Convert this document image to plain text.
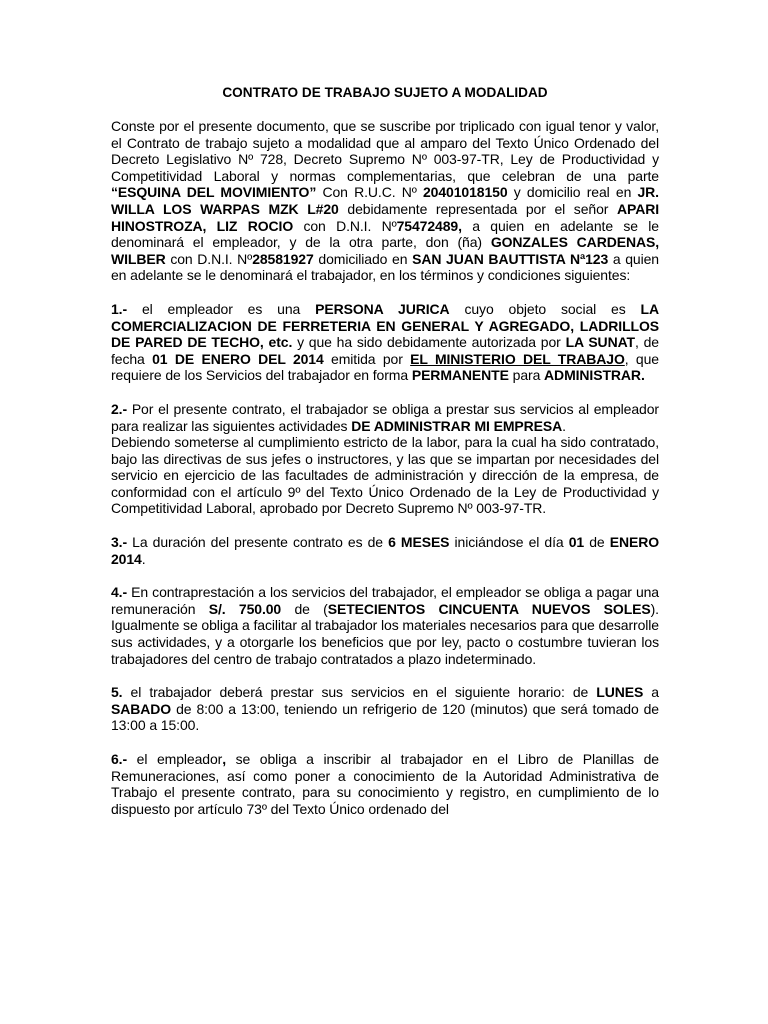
CONTRATO DE TRABAJO SUJETO A MODALIDAD

Conste por el presente documento, que se suscribe por triplicado con igual tenor y valor, el Contrato de trabajo sujeto a modalidad que al amparo del Texto Único Ordenado del Decreto Legislativo Nº 728, Decreto Supremo Nº 003-97-TR, Ley de Productividad y Competitividad Laboral y normas complementarias, que celebran de una parte “ESQUINA DEL MOVIMIENTO” Con R.U.C. Nº 20401018150 y domicilio real en JR. WILLA LOS WARPAS MZK L#20 debidamente representada por el señor APARI HINOSTROZA, LIZ ROCIO con D.N.I. Nº75472489, a quien en adelante se le denominará el empleador, y de la otra parte, don (ña) GONZALES CARDENAS, WILBER con D.N.I. Nº28581927 domiciliado en SAN JUAN BAUTTISTA Nª123 a quien en adelante se le denominará el trabajador, en los términos y condiciones siguientes:

1.- el empleador es una PERSONA JURICA cuyo objeto social es LA COMERCIALIZACION DE FERRETERIA EN GENERAL Y AGREGADO, LADRILLOS DE PARED DE TECHO, etc. y que ha sido debidamente autorizada por LA SUNAT, de fecha 01 DE ENERO DEL 2014 emitida por EL MINISTERIO DEL TRABAJO, que requiere de los Servicios del trabajador en forma PERMANENTE para ADMINISTRAR.

2.- Por el presente contrato, el trabajador se obliga a prestar sus servicios al empleador para realizar las siguientes actividades DE ADMINISTRAR MI EMPRESA.

Debiendo someterse al cumplimiento estricto de la labor, para la cual ha sido contratado, bajo las directivas de sus jefes o instructores, y las que se impartan por necesidades del servicio en ejercicio de las facultades de administración y dirección de la empresa, de conformidad con el artículo 9º del Texto Único Ordenado de la Ley de Productividad y Competitividad Laboral, aprobado por Decreto Supremo Nº 003-97-TR.

3.- La duración del presente contrato es de 6 MESES iniciándose el día 01 de ENERO 2014.

4.- En contraprestación a los servicios del trabajador, el empleador se obliga a pagar una remuneración S/. 750.00 de (SETECIENTOS CINCUENTA NUEVOS SOLES). Igualmente se obliga a facilitar al trabajador los materiales necesarios para que desarrolle sus actividades, y a otorgarle los beneficios que por ley, pacto o costumbre tuvieran los trabajadores del centro de trabajo contratados a plazo indeterminado.

5. el trabajador deberá prestar sus servicios en el siguiente horario: de LUNES a SABADO de 8:00 a 13:00, teniendo un refrigerio de 120 (minutos) que será tomado de 13:00 a 15:00.

6.- el empleador, se obliga a inscribir al trabajador en el Libro de Planillas de Remuneraciones, así como poner a conocimiento de la Autoridad Administrativa de Trabajo el presente contrato, para su conocimiento y registro, en cumplimiento de lo dispuesto por artículo 73º del Texto Único ordenado del
